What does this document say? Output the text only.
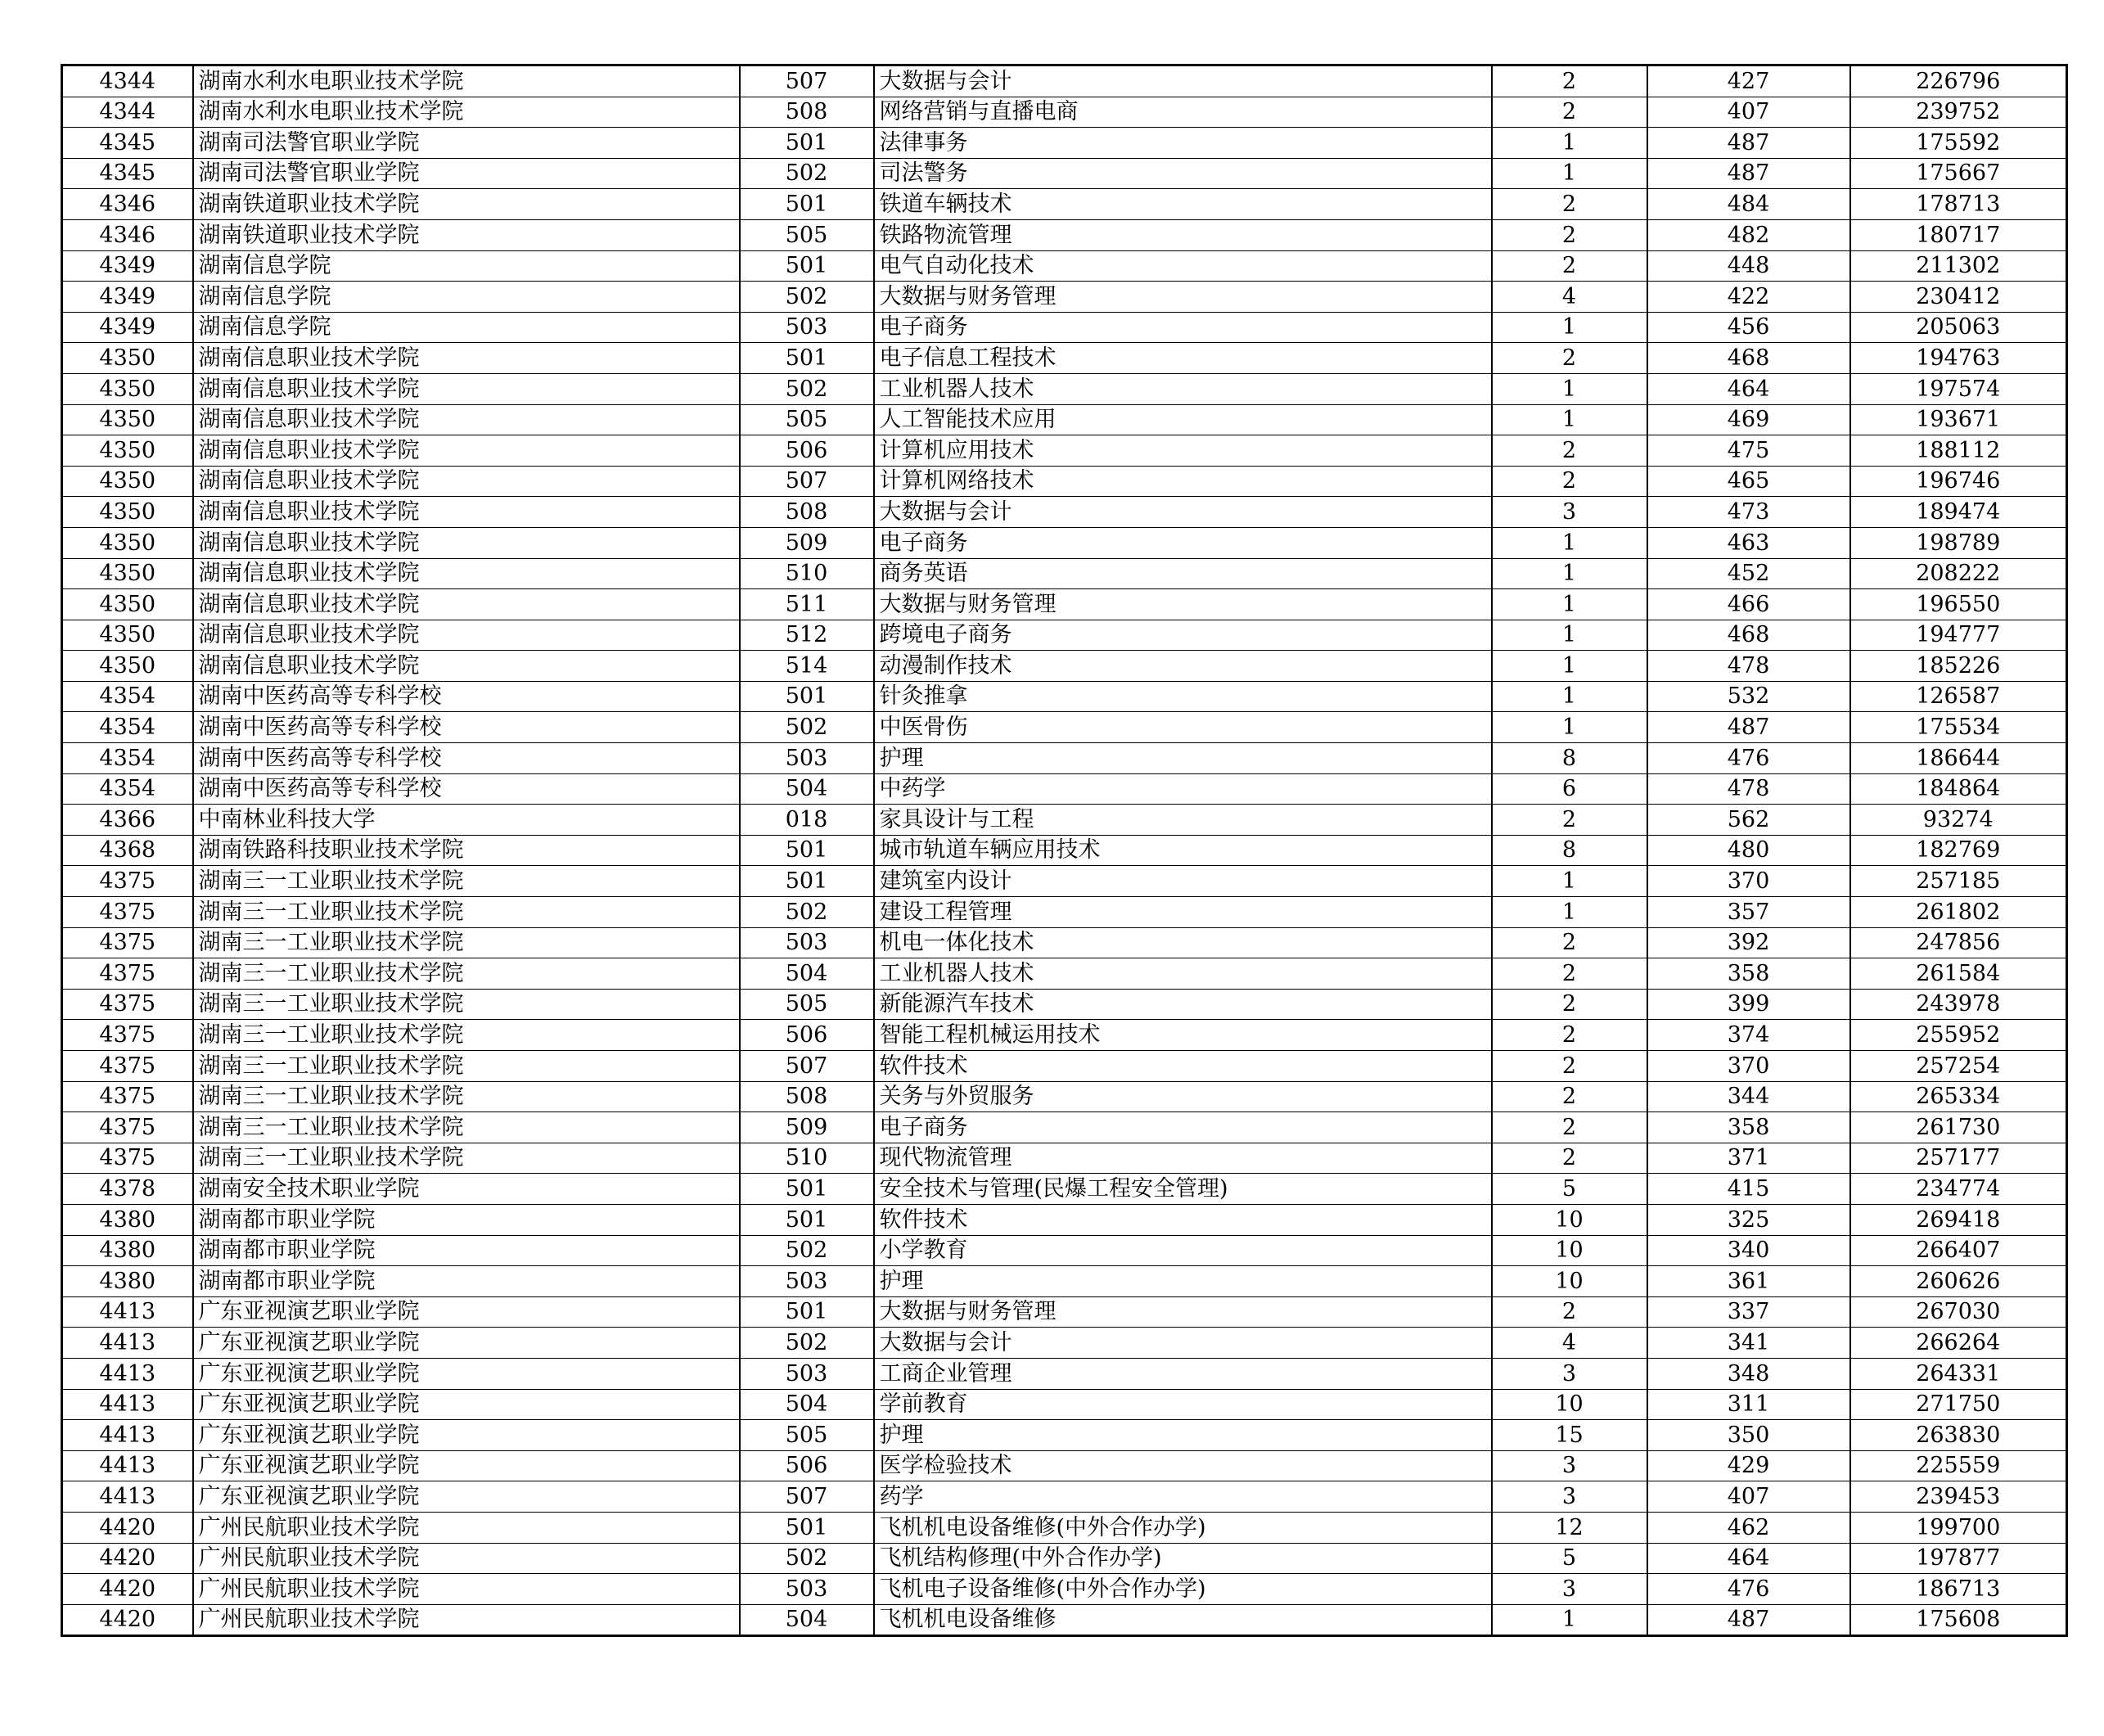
4344	湖南水利水电职业技术学院	507	大数据与会计	2	427	226796
4344	湖南水利水电职业技术学院	508	网络营销与直播电商	2	407	239752
4345	湖南司法警官职业学院	501	法律事务	1	487	175592
4345	湖南司法警官职业学院	502	司法警务	1	487	175667
4346	湖南铁道职业技术学院	501	铁道车辆技术	2	484	178713
4346	湖南铁道职业技术学院	505	铁路物流管理	2	482	180717
4349	湖南信息学院	501	电气自动化技术	2	448	211302
4349	湖南信息学院	502	大数据与财务管理	4	422	230412
4349	湖南信息学院	503	电子商务	1	456	205063
4350	湖南信息职业技术学院	501	电子信息工程技术	2	468	194763
4350	湖南信息职业技术学院	502	工业机器人技术	1	464	197574
4350	湖南信息职业技术学院	505	人工智能技术应用	1	469	193671
4350	湖南信息职业技术学院	506	计算机应用技术	2	475	188112
4350	湖南信息职业技术学院	507	计算机网络技术	2	465	196746
4350	湖南信息职业技术学院	508	大数据与会计	3	473	189474
4350	湖南信息职业技术学院	509	电子商务	1	463	198789
4350	湖南信息职业技术学院	510	商务英语	1	452	208222
4350	湖南信息职业技术学院	511	大数据与财务管理	1	466	196550
4350	湖南信息职业技术学院	512	跨境电子商务	1	468	194777
4350	湖南信息职业技术学院	514	动漫制作技术	1	478	185226
4354	湖南中医药高等专科学校	501	针灸推拿	1	532	126587
4354	湖南中医药高等专科学校	502	中医骨伤	1	487	175534
4354	湖南中医药高等专科学校	503	护理	8	476	186644
4354	湖南中医药高等专科学校	504	中药学	6	478	184864
4366	中南林业科技大学	018	家具设计与工程	2	562	93274
4368	湖南铁路科技职业技术学院	501	城市轨道车辆应用技术	8	480	182769
4375	湖南三一工业职业技术学院	501	建筑室内设计	1	370	257185
4375	湖南三一工业职业技术学院	502	建设工程管理	1	357	261802
4375	湖南三一工业职业技术学院	503	机电一体化技术	2	392	247856
4375	湖南三一工业职业技术学院	504	工业机器人技术	2	358	261584
4375	湖南三一工业职业技术学院	505	新能源汽车技术	2	399	243978
4375	湖南三一工业职业技术学院	506	智能工程机械运用技术	2	374	255952
4375	湖南三一工业职业技术学院	507	软件技术	2	370	257254
4375	湖南三一工业职业技术学院	508	关务与外贸服务	2	344	265334
4375	湖南三一工业职业技术学院	509	电子商务	2	358	261730
4375	湖南三一工业职业技术学院	510	现代物流管理	2	371	257177
4378	湖南安全技术职业学院	501	安全技术与管理(民爆工程安全管理)	5	415	234774
4380	湖南都市职业学院	501	软件技术	10	325	269418
4380	湖南都市职业学院	502	小学教育	10	340	266407
4380	湖南都市职业学院	503	护理	10	361	260626
4413	广东亚视演艺职业学院	501	大数据与财务管理	2	337	267030
4413	广东亚视演艺职业学院	502	大数据与会计	4	341	266264
4413	广东亚视演艺职业学院	503	工商企业管理	3	348	264331
4413	广东亚视演艺职业学院	504	学前教育	10	311	271750
4413	广东亚视演艺职业学院	505	护理	15	350	263830
4413	广东亚视演艺职业学院	506	医学检验技术	3	429	225559
4413	广东亚视演艺职业学院	507	药学	3	407	239453
4420	广州民航职业技术学院	501	飞机机电设备维修(中外合作办学)	12	462	199700
4420	广州民航职业技术学院	502	飞机结构修理(中外合作办学)	5	464	197877
4420	广州民航职业技术学院	503	飞机电子设备维修(中外合作办学)	3	476	186713
4420	广州民航职业技术学院	504	飞机机电设备维修	1	487	175608
